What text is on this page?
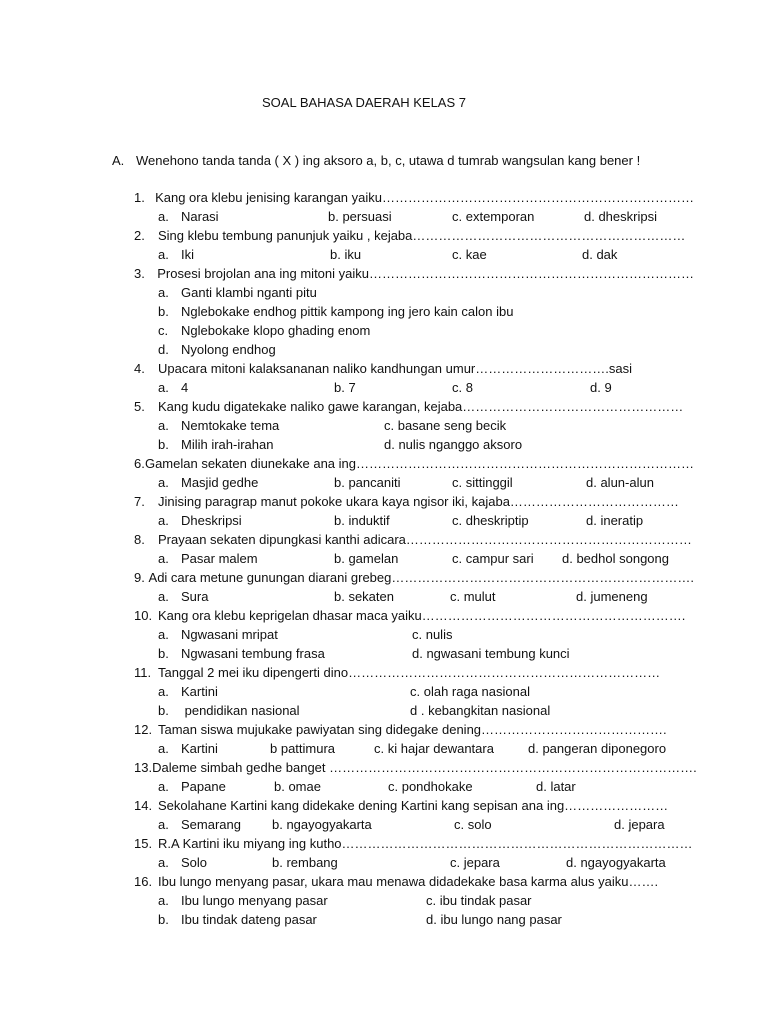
SOAL BAHASA DAERAH KELAS 7
A. Wenehono tanda tanda ( X ) ing aksoro a, b, c, utawa d tumrab wangsulan kang bener !
1. Kang ora klebu jenising karangan yaiku………………………………………………………………
a. Narasi	b. persuasi	c. extemporan	d. dheskripsi
2.	Sing klebu tembung panunjuk yaiku , kejaba………………………………………………………
a. Iki	b. iku	c. kae	d. dak
3. Prosesi brojolan ana ing mitoni yaiku…………………………………………………………………
a. Ganti klambi nganti pitu
b. Nglebokake endhog pittik kampong ing jero kain calon ibu
c. Nglebokake klopo ghading enom
d. Nyolong endhog
4.	Upacara mitoni kalaksananan naliko kandhungan umur………………………….sasi
a. 4	b. 7	c. 8	d. 9
5.	Kang kudu digatekake naliko gawe karangan, kejaba……………………………………………
a. Nemtokake tema	c. basane seng becik
b. Milih irah-irahan	d. nulis nganggo aksoro
6. Gamelan sekaten diunekake ana ing……………………………………………………………………
a. Masjid gedhe	b. pancaniti	c. sittinggil	d. alun-alun
7.	Jinising paragrap manut pokoke ukara kaya ngisor iki, kajaba…………………………………
a. Dheskripsi	b. induktif	c. dheskriptip	d. ineratip
8.	Prayaan sekaten dipungkasi kanthi adicara…………………………………………………………
a. Pasar malem	b. gamelan	c. campur sari d. bedhol songong
9. Adi cara metune gunungan diarani grebeg…………………………………………………………….
a. Sura	b. sekaten	c. mulut	d. jumeneng
10. Kang ora klebu keprigelan dhasar maca yaiku…………………………………………………….
a. Ngwasani mripat	c. nulis
b. Ngwasani tembung frasa	d. ngwasani tembung kunci
11. Tanggal 2 mei iku dipengerti dino………………………………………………………………
a. Kartini	c. olah raga nasional
b. pendidikan nasional	d . kebangkitan nasional
12. Taman siswa mujukake pawiyatan sing didegake dening…………………………………….
a. Kartini	b pattimura	c. ki hajar dewantara	d. pangeran diponegoro
13. Daleme simbah gedhe banget ………………………………………………………………………….
a. Papane	b. omae	c. pondhokake	d. latar
14. Sekolahane Kartini kang didekake dening Kartini kang sepisan ana ing……………………
a. Semarang b. ngayogyakarta	c. solo	d. jepara
15. R.A Kartini iku miyang ing kutho………………………………………………………………………
a. Solo	b. rembang	c. jepara	d. ngayogyakarta
16. Ibu lungo menyang pasar, ukara mau menawa didadekake basa karma alus yaiku…….
a. Ibu lungo menyang pasar	c. ibu tindak pasar
b. Ibu tindak dateng pasar	d. ibu lungo nang pasar
